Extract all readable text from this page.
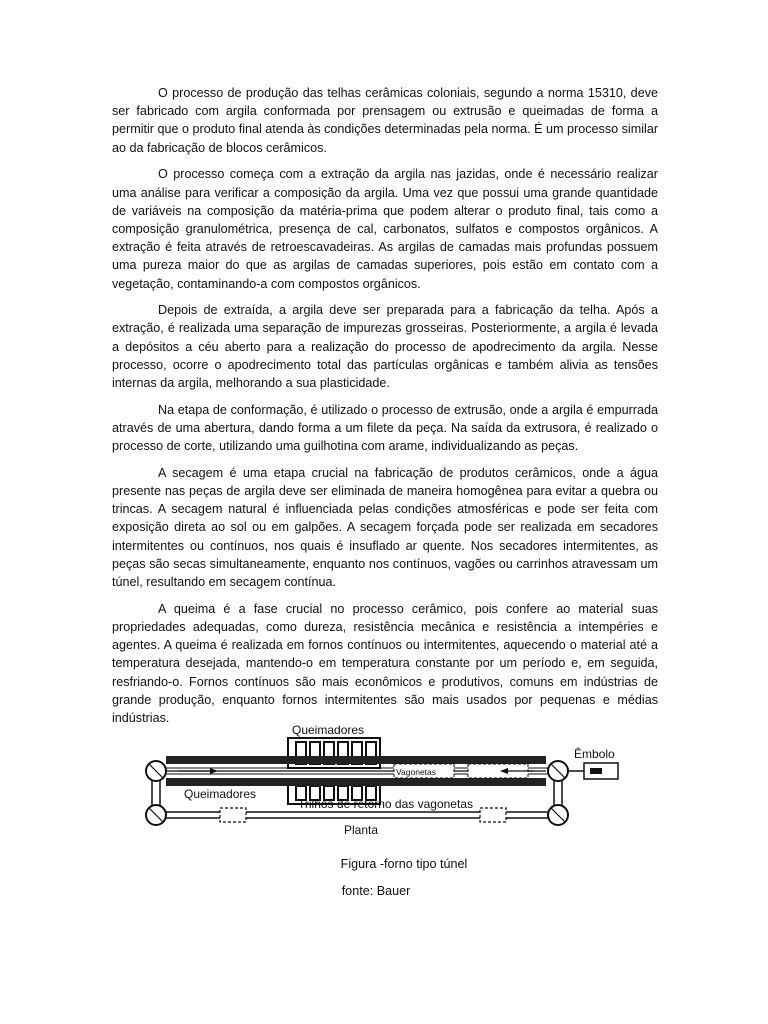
O processo de produção das telhas cerâmicas coloniais, segundo a norma 15310, deve ser fabricado com argila conformada por prensagem ou extrusão e queimadas de forma a permitir que o produto final atenda às condições determinadas pela norma. É um processo similar ao da fabricação de blocos cerâmicos.

O processo começa com a extração da argila nas jazidas, onde é necessário realizar uma análise para verificar a composição da argila. Uma vez que possui uma grande quantidade de variáveis na composição da matéria-prima que podem alterar o produto final, tais como a composição granulométrica, presença de cal, carbonatos, sulfatos e compostos orgânicos. A extração é feita através de retroescavadeiras. As argilas de camadas mais profundas possuem uma pureza maior do que as argilas de camadas superiores, pois estão em contato com a vegetação, contaminando-a com compostos orgânicos.

Depois de extraída, a argila deve ser preparada para a fabricação da telha. Após a extração, é realizada uma separação de impurezas grosseiras. Posteriormente, a argila é levada a depósitos a céu aberto para a realização do processo de apodrecimento da argila. Nesse processo, ocorre o apodrecimento total das partículas orgânicas e também alivia as tensões internas da argila, melhorando a sua plasticidade.

Na etapa de conformação, é utilizado o processo de extrusão, onde a argila é empurrada através de uma abertura, dando forma a um filete da peça. Na saída da extrusora, é realizado o processo de corte, utilizando uma guilhotina com arame, individualizando as peças.

A secagem é uma etapa crucial na fabricação de produtos cerâmicos, onde a água presente nas peças de argila deve ser eliminada de maneira homogênea para evitar a quebra ou trincas. A secagem natural é influenciada pelas condições atmosféricas e pode ser feita com exposição direta ao sol ou em galpões. A secagem forçada pode ser realizada em secadores intermitentes ou contínuos, nos quais é insuflado ar quente. Nos secadores intermitentes, as peças são secas simultaneamente, enquanto nos contínuos, vagões ou carrinhos atravessam um túnel, resultando em secagem contínua.

A queima é a fase crucial no processo cerâmico, pois confere ao material suas propriedades adequadas, como dureza, resistência mecânica e resistência a intempéries e agentes. A queima é realizada em fornos contínuos ou intermitentes, aquecendo o material até a temperatura desejada, mantendo-o em temperatura constante por um período e, em seguida, resfriando-o. Fornos contínuos são mais econômicos e produtivos, comuns em indústrias de grande produção, enquanto fornos intermitentes são mais usados por pequenas e médias indústrias.

Queimadores
Queimadores
Vagonetas
Êmbolo
Trilhos de retorno das vagonetas
Planta
Figura -forno tipo túnel
fonte: Bauer
